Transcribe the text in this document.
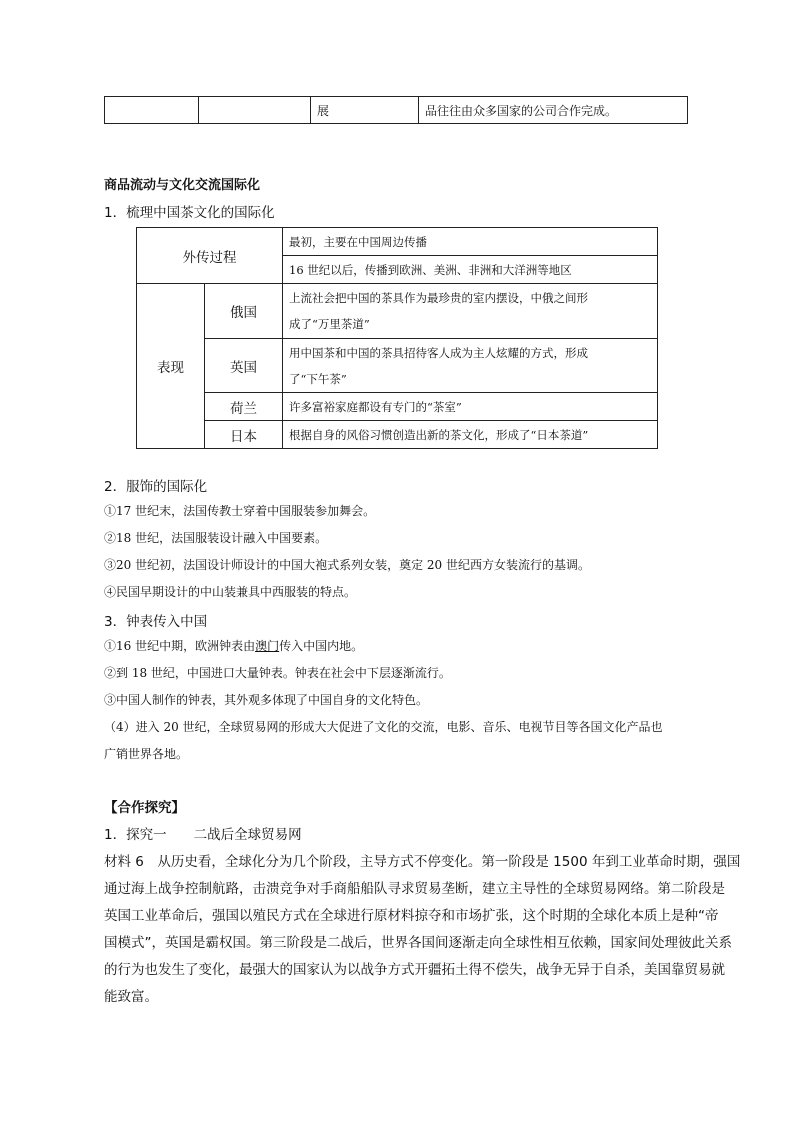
		展	品往往由众多国家的公司合作完成。
商品流动与文化交流国际化
1．梳理中国茶文化的国际化
外传过程		最初，主要在中国周边传播
		16 世纪以后，传播到欧洲、美洲、非洲和大洋洲等地区
表现	俄国	上流社会把中国的茶具作为最珍贵的室内摆设，中俄之间形
成了“万里茶道”
	英国	用中国茶和中国的茶具招待客人成为主人炫耀的方式，形成
了“下午茶”
	荷兰	许多富裕家庭都设有专门的“茶室”
	日本	根据自身的风俗习惯创造出新的茶文化，形成了“日本茶道”
2．服饰的国际化
①17 世纪末，法国传教士穿着中国服装参加舞会。
②18 世纪，法国服装设计融入中国要素。
③20 世纪初，法国设计师设计的中国大袍式系列女装，奠定 20 世纪西方女装流行的基调。
④民国早期设计的中山装兼具中西服装的特点。
3．钟表传入中国
①16 世纪中期，欧洲钟表由澳门传入中国内地。
②到 18 世纪，中国进口大量钟表。钟表在社会中下层逐渐流行。
③中国人制作的钟表，其外观多体现了中国自身的文化特色。
（4）进入 20 世纪，全球贸易网的形成大大促进了文化的交流，电影、音乐、电视节目等各国文化产品也
广销世界各地。
【合作探究】
1．探究一　　二战后全球贸易网
材料 6　从历史看，全球化分为几个阶段，主导方式不停变化。第一阶段是 1500 年到工业革命时期，强国
通过海上战争控制航路，击溃竞争对手商船船队寻求贸易垄断，建立主导性的全球贸易网络。第二阶段是
英国工业革命后，强国以殖民方式在全球进行原材料掠夺和市场扩张，这个时期的全球化本质上是种“帝
国模式”，英国是霸权国。第三阶段是二战后，世界各国间逐渐走向全球性相互依赖，国家间处理彼此关系
的行为也发生了变化，最强大的国家认为以战争方式开疆拓土得不偿失，战争无异于自杀，美国靠贸易就
能致富。
